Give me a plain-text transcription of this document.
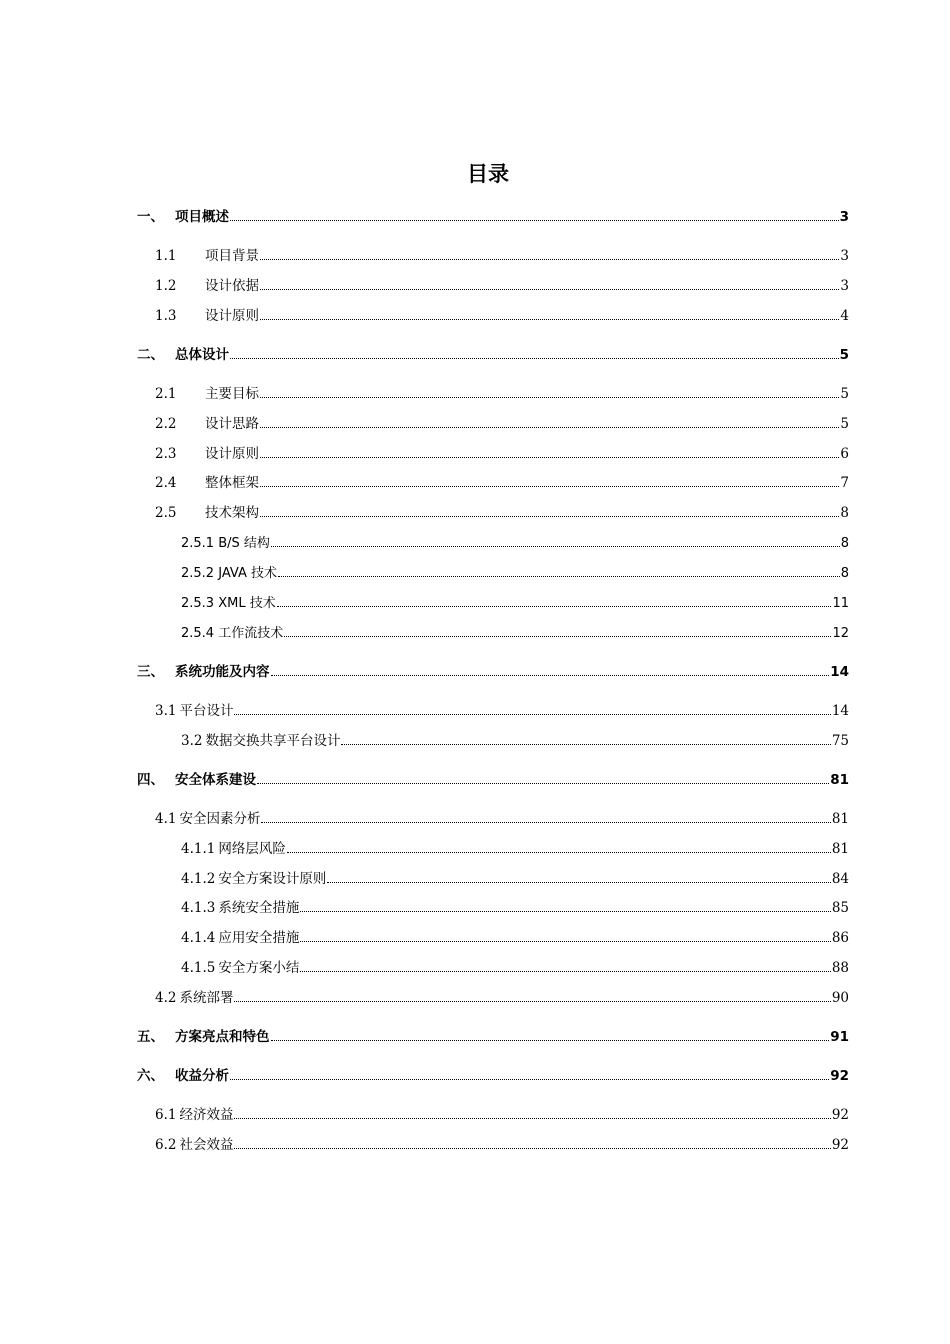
目录
一、 项目概述	3
1.1	项目背景	3
1.2	设计依据	3
1.3	设计原则	4
二、 总体设计	5
2.1	主要目标	5
2.2	设计思路	5
2.3	设计原则	6
2.4	整体框架	7
2.5	技术架构	8
2.5.1 B/S 结构	8
2.5.2 JAVA 技术	8
2.5.3 XML 技术	11
2.5.4 工作流技术	12
三、 系统功能及内容	14
3.1 平台设计	14
3.2 数据交换共享平台设计	75
四、 安全体系建设	81
4.1 安全因素分析	81
4.1.1 网络层风险	81
4.1.2 安全方案设计原则	84
4.1.3 系统安全措施	85
4.1.4 应用安全措施	86
4.1.5 安全方案小结	88
4.2 系统部署	90
五、 方案亮点和特色	91
六、 收益分析	92
6.1 经济效益	92
6.2 社会效益	92
